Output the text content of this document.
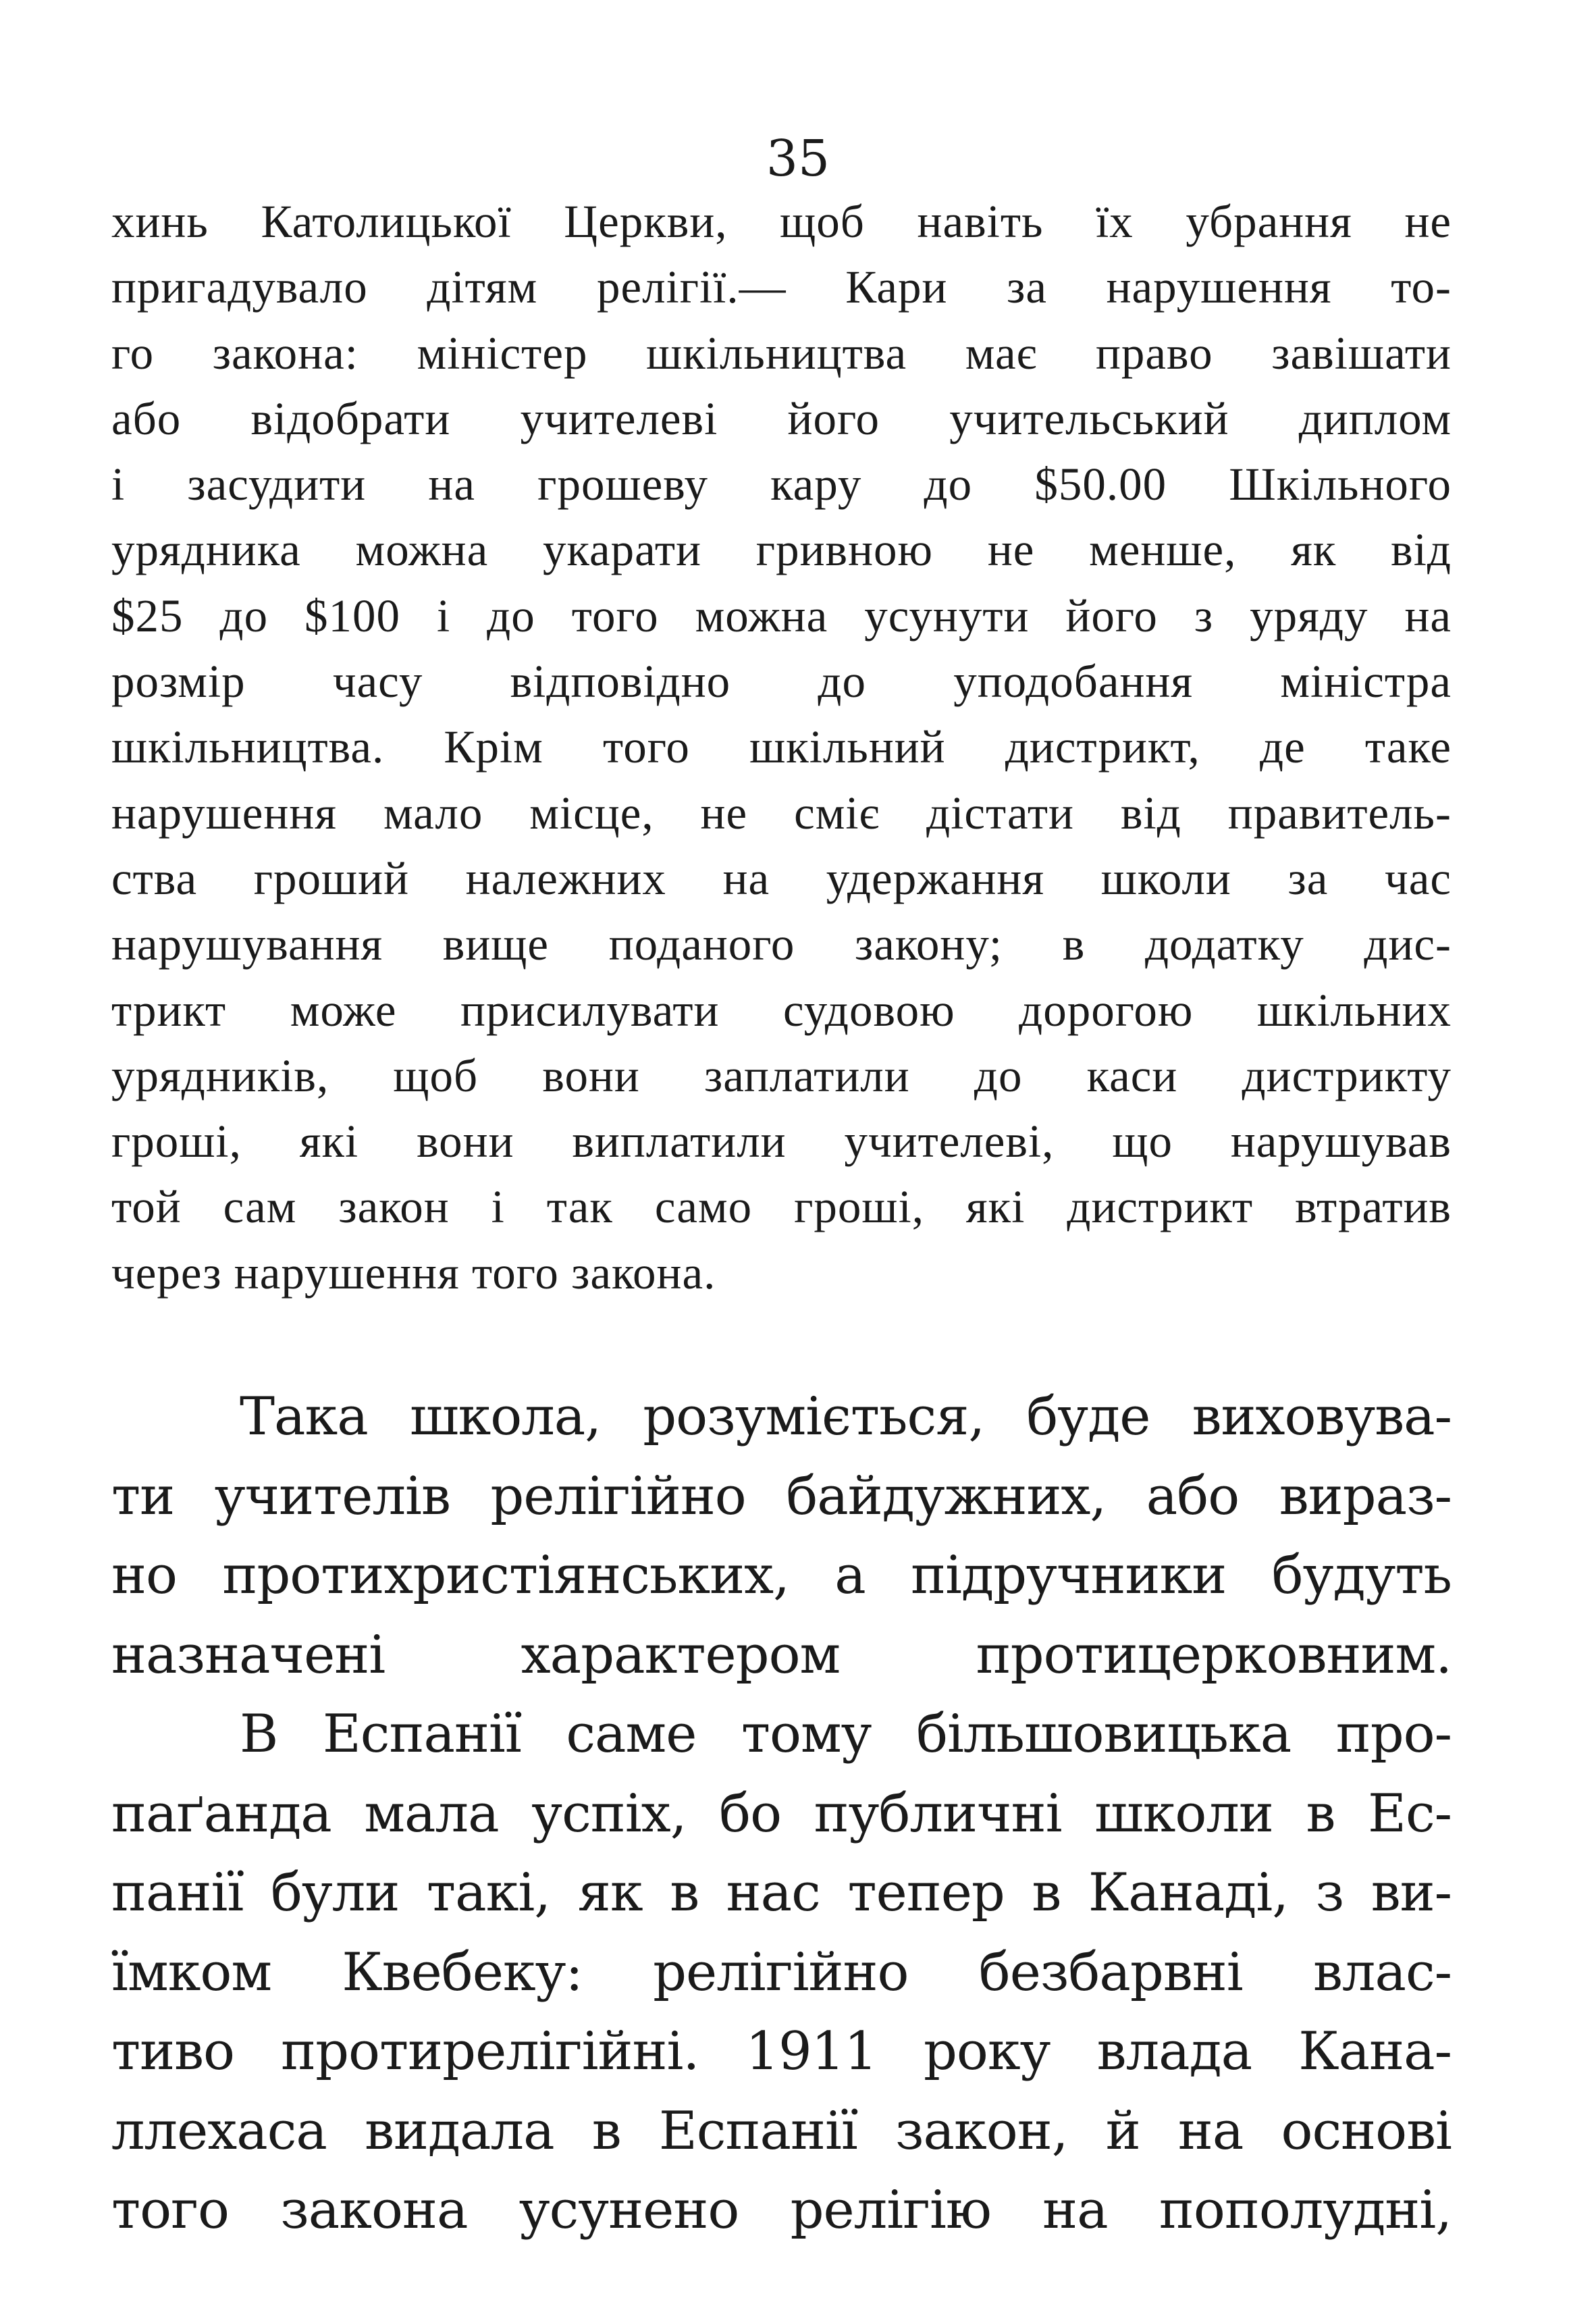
35
хинь Католицької Церкви, щоб навіть їх убрання не
пригадувало дітям релігії.— Кари за нарушення то-
го закона: міністер шкільництва має право завішати
або відобрати учителеві його учительський диплом
і засудити на грошеву кару до $50.00 Шкільного
урядника можна укарати гривною не менше, як від
$25 до $100 і до того можна усунути його з уряду на
розмір часу відповідно до уподобання міністра
шкільництва. Крім того шкільний дистрикт, де таке
нарушення мало місце, не сміє дістати від правитель-
ства гроший належних на удержання школи за час
нарушування вище поданого закону; в додатку дис-
трикт може присилувати судовою дорогою шкільних
урядників, щоб вони заплатили до каси дистрикту
гроші, які вони виплатили учителеві, що нарушував
той сам закон і так само гроші, які дистрикт втратив
через нарушення того закона.
Така школа, розуміється, буде виховува-
ти учителів релігійно байдужних, або вираз-
но протихристіянських, а підручники будуть
назначені характером протицерковним.
В Еспанії саме тому більшовицька про-
паґанда мала успіх, бо публичні школи в Ес-
панії були такі, як в нас тепер в Канаді, з ви-
їмком Квебеку: релігійно безбарвні влас-
тиво протирелігійні. 1911 року влада Кана-
ллехаса видала в Еспанії закон, й на основі
того закона усунено релігію на пополудні,
